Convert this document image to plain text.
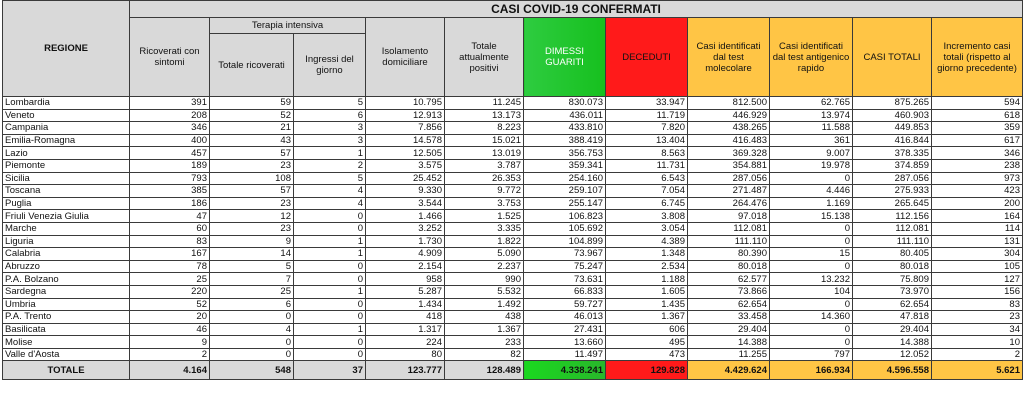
REGIONE	CASI COVID-19 CONFERMATI										
	Ricoverati con sintomi	Terapia intensiva		Isolamento domiciliare	Totale attualmente positivi	DIMESSI GUARITI	DECEDUTI	Casi identificati dal test molecolare	Casi identificati dal test antigenico rapido	CASI TOTALI	Incremento casi totali (rispetto al giorno precedente)
		Totale ricoverati	Ingressi del giorno								
Lombardia	391	59	5	10.795	11.245	830.073	33.947	812.500	62.765	875.265	594
Veneto	208	52	6	12.913	13.173	436.011	11.719	446.929	13.974	460.903	618
Campania	346	21	3	7.856	8.223	433.810	7.820	438.265	11.588	449.853	359
Emilia-Romagna	400	43	3	14.578	15.021	388.419	13.404	416.483	361	416.844	617
Lazio	457	57	1	12.505	13.019	356.753	8.563	369.328	9.007	378.335	346
Piemonte	189	23	2	3.575	3.787	359.341	11.731	354.881	19.978	374.859	238
Sicilia	793	108	5	25.452	26.353	254.160	6.543	287.056	0	287.056	973
Toscana	385	57	4	9.330	9.772	259.107	7.054	271.487	4.446	275.933	423
Puglia	186	23	4	3.544	3.753	255.147	6.745	264.476	1.169	265.645	200
Friuli Venezia Giulia	47	12	0	1.466	1.525	106.823	3.808	97.018	15.138	112.156	164
Marche	60	23	0	3.252	3.335	105.692	3.054	112.081	0	112.081	114
Liguria	83	9	1	1.730	1.822	104.899	4.389	111.110	0	111.110	131
Calabria	167	14	1	4.909	5.090	73.967	1.348	80.390	15	80.405	304
Abruzzo	78	5	0	2.154	2.237	75.247	2.534	80.018	0	80.018	105
P.A. Bolzano	25	7	0	958	990	73.631	1.188	62.577	13.232	75.809	127
Sardegna	220	25	1	5.287	5.532	66.833	1.605	73.866	104	73.970	156
Umbria	52	6	0	1.434	1.492	59.727	1.435	62.654	0	62.654	83
P.A. Trento	20	0	0	418	438	46.013	1.367	33.458	14.360	47.818	23
Basilicata	46	4	1	1.317	1.367	27.431	606	29.404	0	29.404	34
Molise	9	0	0	224	233	13.660	495	14.388	0	14.388	10
Valle d'Aosta	2	0	0	80	82	11.497	473	11.255	797	12.052	2
TOTALE	4.164	548	37	123.777	128.489	4.338.241	129.828	4.429.624	166.934	4.596.558	5.621
